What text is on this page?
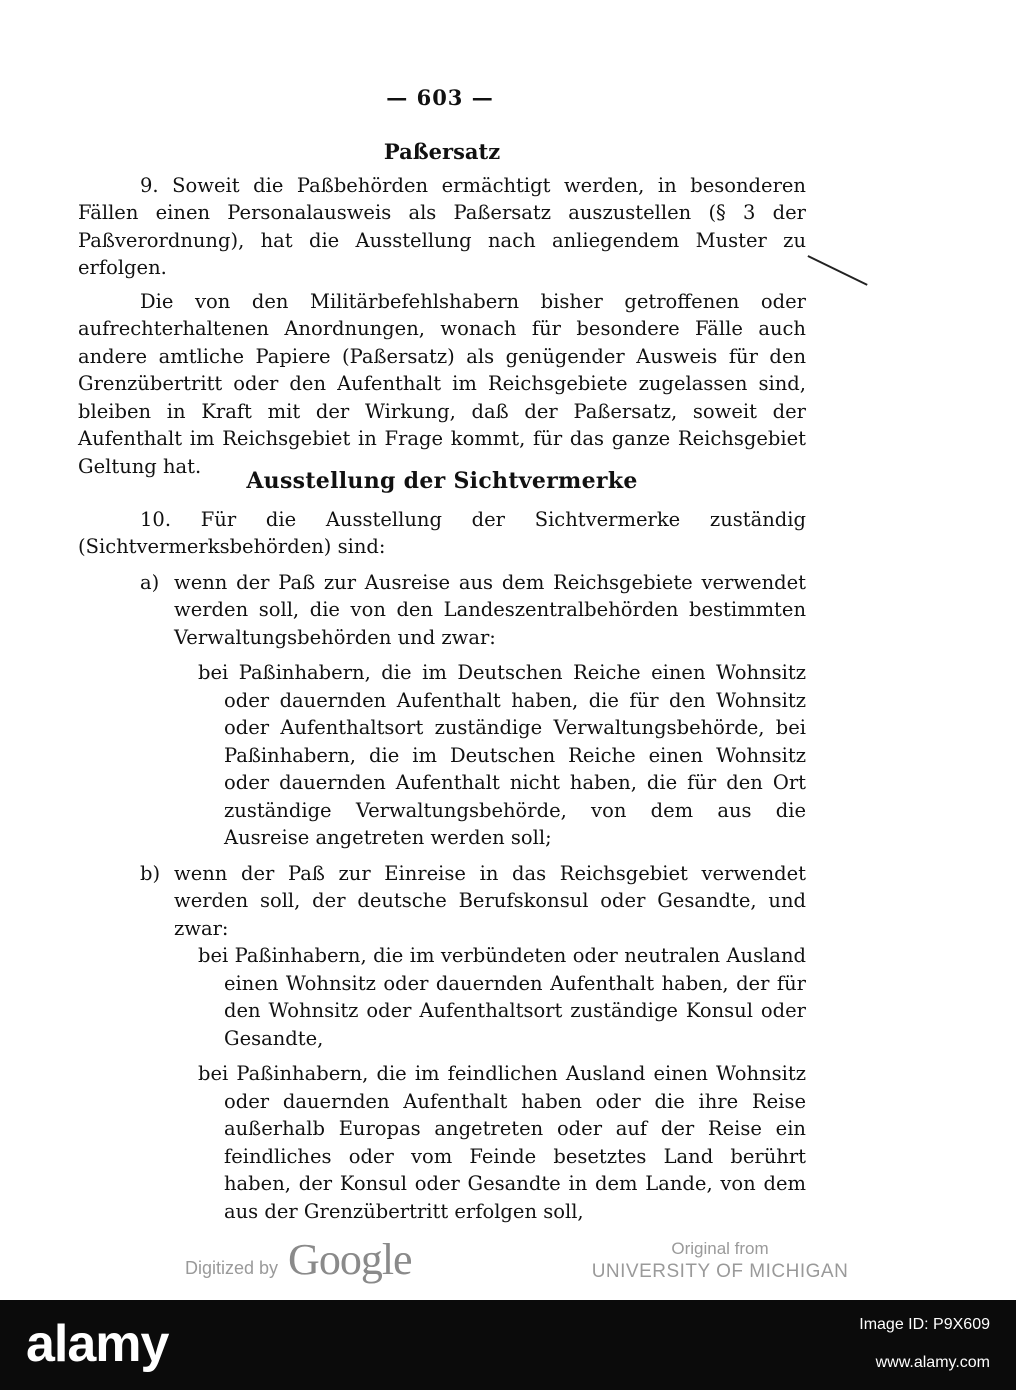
— 603 —
Paßersatz

9. Soweit die Paßbehörden ermächtigt werden, in besonderen Fällen einen Personalausweis als Paßersatz auszustellen (§ 3 der Paßverordnung), hat die Ausstellung nach anliegendem Muster zu erfolgen.

Die von den Militärbefehlshabern bisher getroffenen oder aufrechterhaltenen Anordnungen, wonach für besondere Fälle auch andere amtliche Papiere (Paßersatz) als genügender Ausweis für den Grenzübertritt oder den Aufenthalt im Reichsgebiete zugelassen sind, bleiben in Kraft mit der Wirkung, daß der Paßersatz, soweit der Aufenthalt im Reichsgebiet in Frage kommt, für das ganze Reichsgebiet Geltung hat.

Ausstellung der Sichtvermerke

10. Für die Ausstellung der Sichtvermerke zuständig (Sichtvermerksbehörden) sind:

a) wenn der Paß zur Ausreise aus dem Reichsgebiete verwendet werden soll, die von den Landeszentralbehörden bestimmten Verwaltungsbehörden und zwar:

bei Paßinhabern, die im Deutschen Reiche einen Wohnsitz oder dauernden Aufenthalt haben, die für den Wohnsitz oder Aufenthaltsort zuständige Verwaltungsbehörde, bei Paßinhabern, die im Deutschen Reiche einen Wohnsitz oder dauernden Aufenthalt nicht haben, die für den Ort zuständige Verwaltungsbehörde, von dem aus die Ausreise angetreten werden soll;

b) wenn der Paß zur Einreise in das Reichsgebiet verwendet werden soll, der deutsche Berufskonsul oder Gesandte, und zwar:

bei Paßinhabern, die im verbündeten oder neutralen Ausland einen Wohnsitz oder dauernden Aufenthalt haben, der für den Wohnsitz oder Aufenthaltsort zuständige Konsul oder Gesandte,

bei Paßinhabern, die im feindlichen Ausland einen Wohnsitz oder dauernden Aufenthalt haben oder die ihre Reise außerhalb Europas angetreten oder auf der Reise ein feindliches oder vom Feinde besetztes Land berührt haben, der Konsul oder Gesandte in dem Lande, von dem aus der Grenzübertritt erfolgen soll,

Digitized by Google	Original from
UNIVERSITY OF MICHIGAN
alamy	Image ID: P9X609
www.alamy.com
